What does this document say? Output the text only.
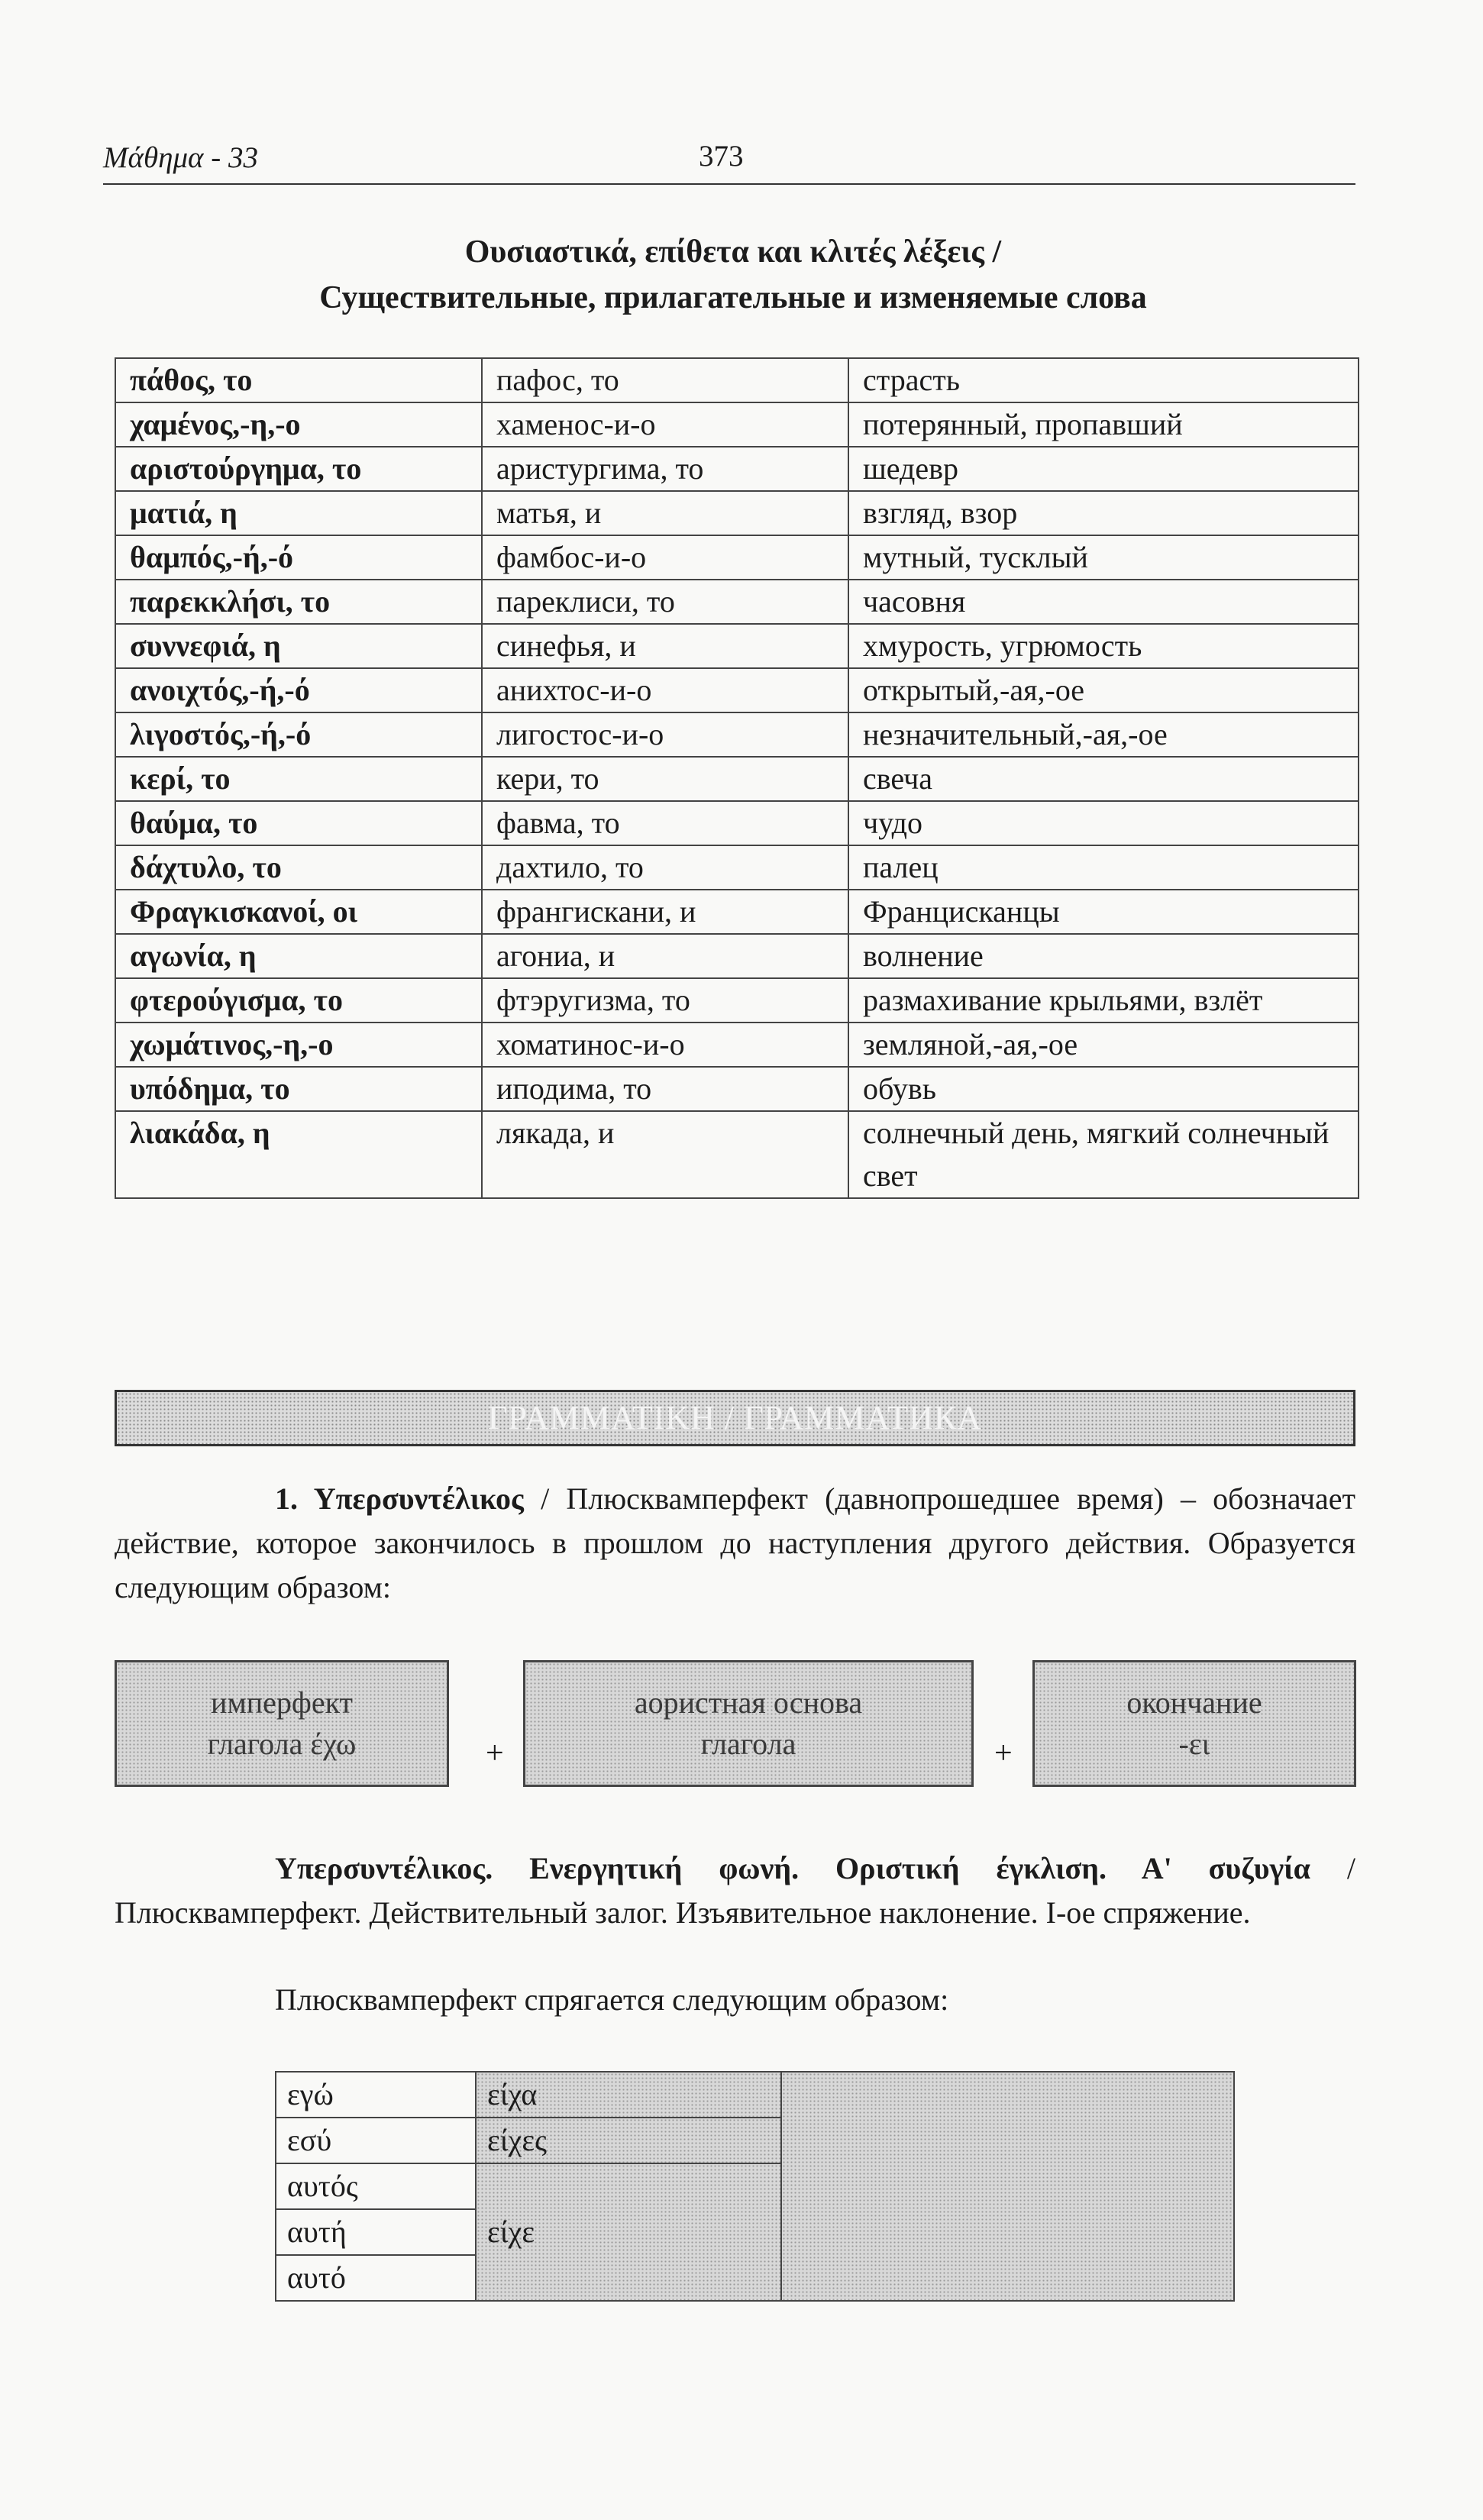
Μάθημα - 33	373
Ουσιαστικά, επίθετα και κλιτές λέξεις /
Существительные, прилагательные и изменяемые слова
πάθος, το	пафос, то	страсть
χαμένος,-η,-ο	хаменос-и-о	потерянный, пропавший
αριστούργημα, το	аристургима, то	шедевр
ματιά, η	матья, и	взгляд, взор
θαμπός,-ή,-ό	фамбос-и-о	мутный, тусклый
παρεκκλήσι, το	пареклиси, то	часовня
συννεφιά, η	синефья, и	хмурость, угрюмость
ανοιχτός,-ή,-ό	анихтос-и-о	открытый,-ая,-ое
λιγοστός,-ή,-ό	лигостос-и-о	незначительный,-ая,-ое
κερί, το	кери, то	свеча
θαύμα, το	фавма, то	чудо
δάχτυλο, το	дахтило, то	палец
Φραγκισκανοί, οι	франгискани, и	Францисканцы
αγωνία, η	агониа, и	волнение
φτερούγισμα, το	фтэругизма, то	размахивание крыльями, взлёт
χωμάτινος,-η,-ο	хоматинос-и-о	земляной,-ая,-ое
υπόδημα, το	иподима, то	обувь
λιακάδα, η	лякада, и	солнечный день, мягкий солнечный свет
ΓΡΑΜΜΑΤΙΚΗ / ГРАММАТИКА

1. Υπερσυντέλικος / Плюсквамперфект (давнопрошедшее время) – обозначает действие, которое закончилось в прошлом до наступления другого действия. Образуется следующим образом:

имперфект
глагола έχω	+
аористная основа
глагола	+
окончание
-ει

Υπερσυντέλικος. Ενεργητική φωνή. Οριστική έγκλιση. Α' συζυγία / Плюсквамперфект. Действительный залог. Изъявительное наклонение. I-ое спряжение.

Плюсквамперфект спрягается следующим образом:

εγώ	είχα	
εσύ	είχες	
αυτός	είχε	
αυτή		
αυτό		
